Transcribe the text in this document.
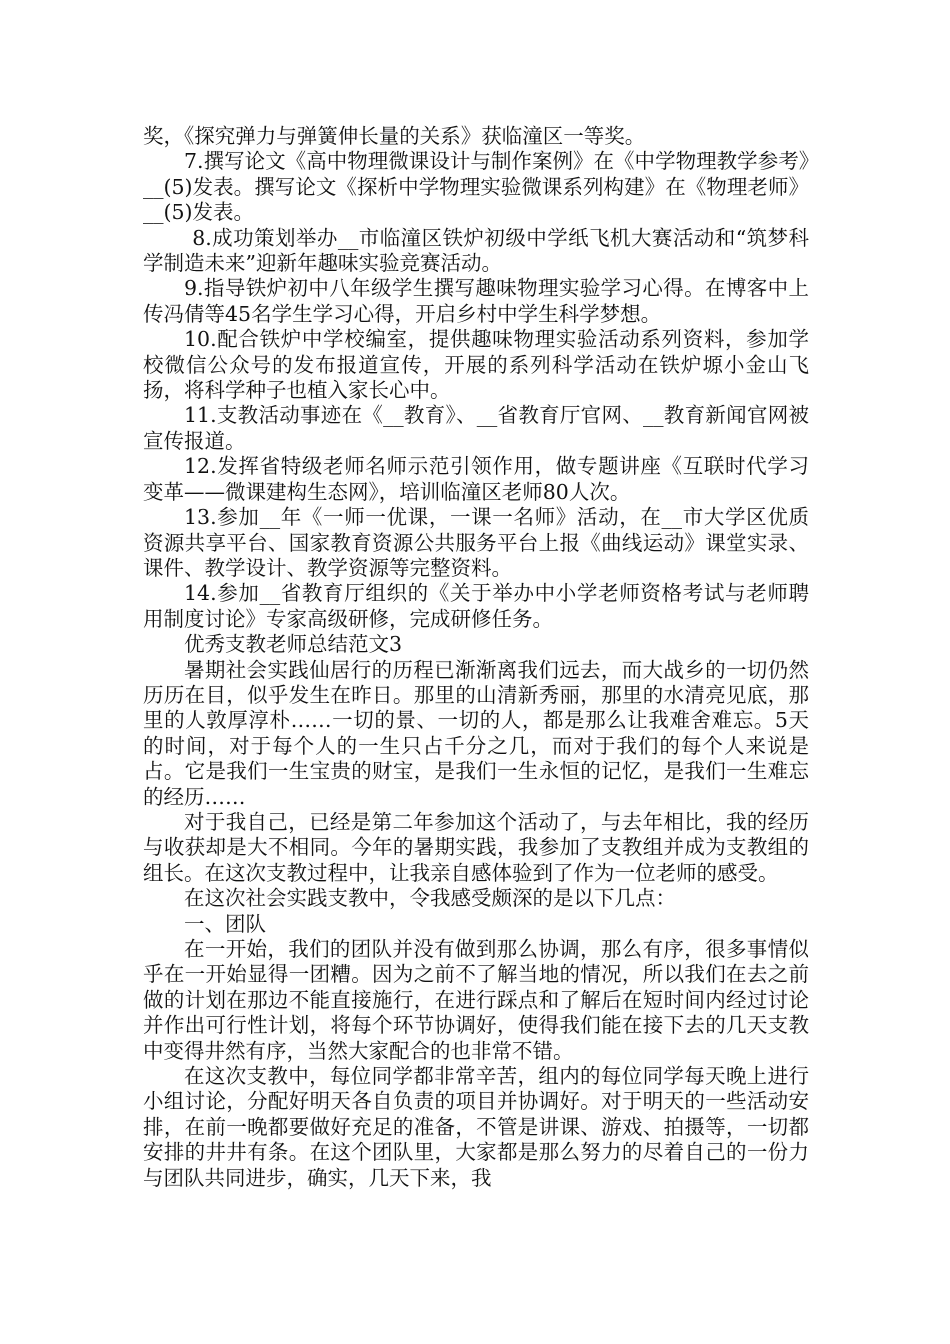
奖，《探究弹力与弹簧伸长量的关系》获临潼区一等奖。

7.撰写论文《高中物理微课设计与制作案例》在《中学物理教学参考》__(5)发表。撰写论文《探析中学物理实验微课系列构建》在《物理老师》__(5)发表。

8.成功策划举办__市临潼区铁炉初级中学纸飞机大赛活动和“筑梦科学制造未来”迎新年趣味实验竞赛活动。

9.指导铁炉初中八年级学生撰写趣味物理实验学习心得。在博客中上传冯倩等45名学生学习心得，开启乡村中学生科学梦想。

10.配合铁炉中学校编室，提供趣味物理实验活动系列资料，参加学校微信公众号的发布报道宣传，开展的系列科学活动在铁炉塬小金山飞扬，将科学种子也植入家长心中。

11.支教活动事迹在《__教育》、__省教育厅官网、__教育新闻官网被宣传报道。

12.发挥省特级老师名师示范引领作用，做专题讲座《互联时代学习变革——微课建构生态网》，培训临潼区老师80人次。

13.参加__年《一师一优课，一课一名师》活动，在__市大学区优质资源共享平台、国家教育资源公共服务平台上报《曲线运动》课堂实录、课件、教学设计、教学资源等完整资料。

14.参加__省教育厅组织的《关于举办中小学老师资格考试与老师聘用制度讨论》专家高级研修，完成研修任务。

优秀支教老师总结范文3

暑期社会实践仙居行的历程已渐渐离我们远去，而大战乡的一切仍然历历在目，似乎发生在昨日。那里的山清新秀丽，那里的水清亮见底，那里的人敦厚淳朴……一切的景、一切的人，都是那么让我难舍难忘。5天的时间，对于每个人的一生只占千分之几，而对于我们的每个人来说是占。它是我们一生宝贵的财宝，是我们一生永恒的记忆，是我们一生难忘的经历……

对于我自己，已经是第二年参加这个活动了，与去年相比，我的经历与收获却是大不相同。今年的暑期实践，我参加了支教组并成为支教组的组长。在这次支教过程中，让我亲自感体验到了作为一位老师的感受。

在这次社会实践支教中，令我感受颇深的是以下几点：

一、团队

在一开始，我们的团队并没有做到那么协调，那么有序，很多事情似乎在一开始显得一团糟。因为之前不了解当地的情况，所以我们在去之前做的计划在那边不能直接施行，在进行踩点和了解后在短时间内经过讨论并作出可行性计划，将每个环节协调好，使得我们能在接下去的几天支教中变得井然有序，当然大家配合的也非常不错。

在这次支教中，每位同学都非常辛苦，组内的每位同学每天晚上进行小组讨论，分配好明天各自负责的项目并协调好。对于明天的一些活动安排，在前一晚都要做好充足的准备，不管是讲课、游戏、拍摄等，一切都安排的井井有条。在这个团队里，大家都是那么努力的尽着自己的一份力与团队共同进步，确实，几天下来，我
